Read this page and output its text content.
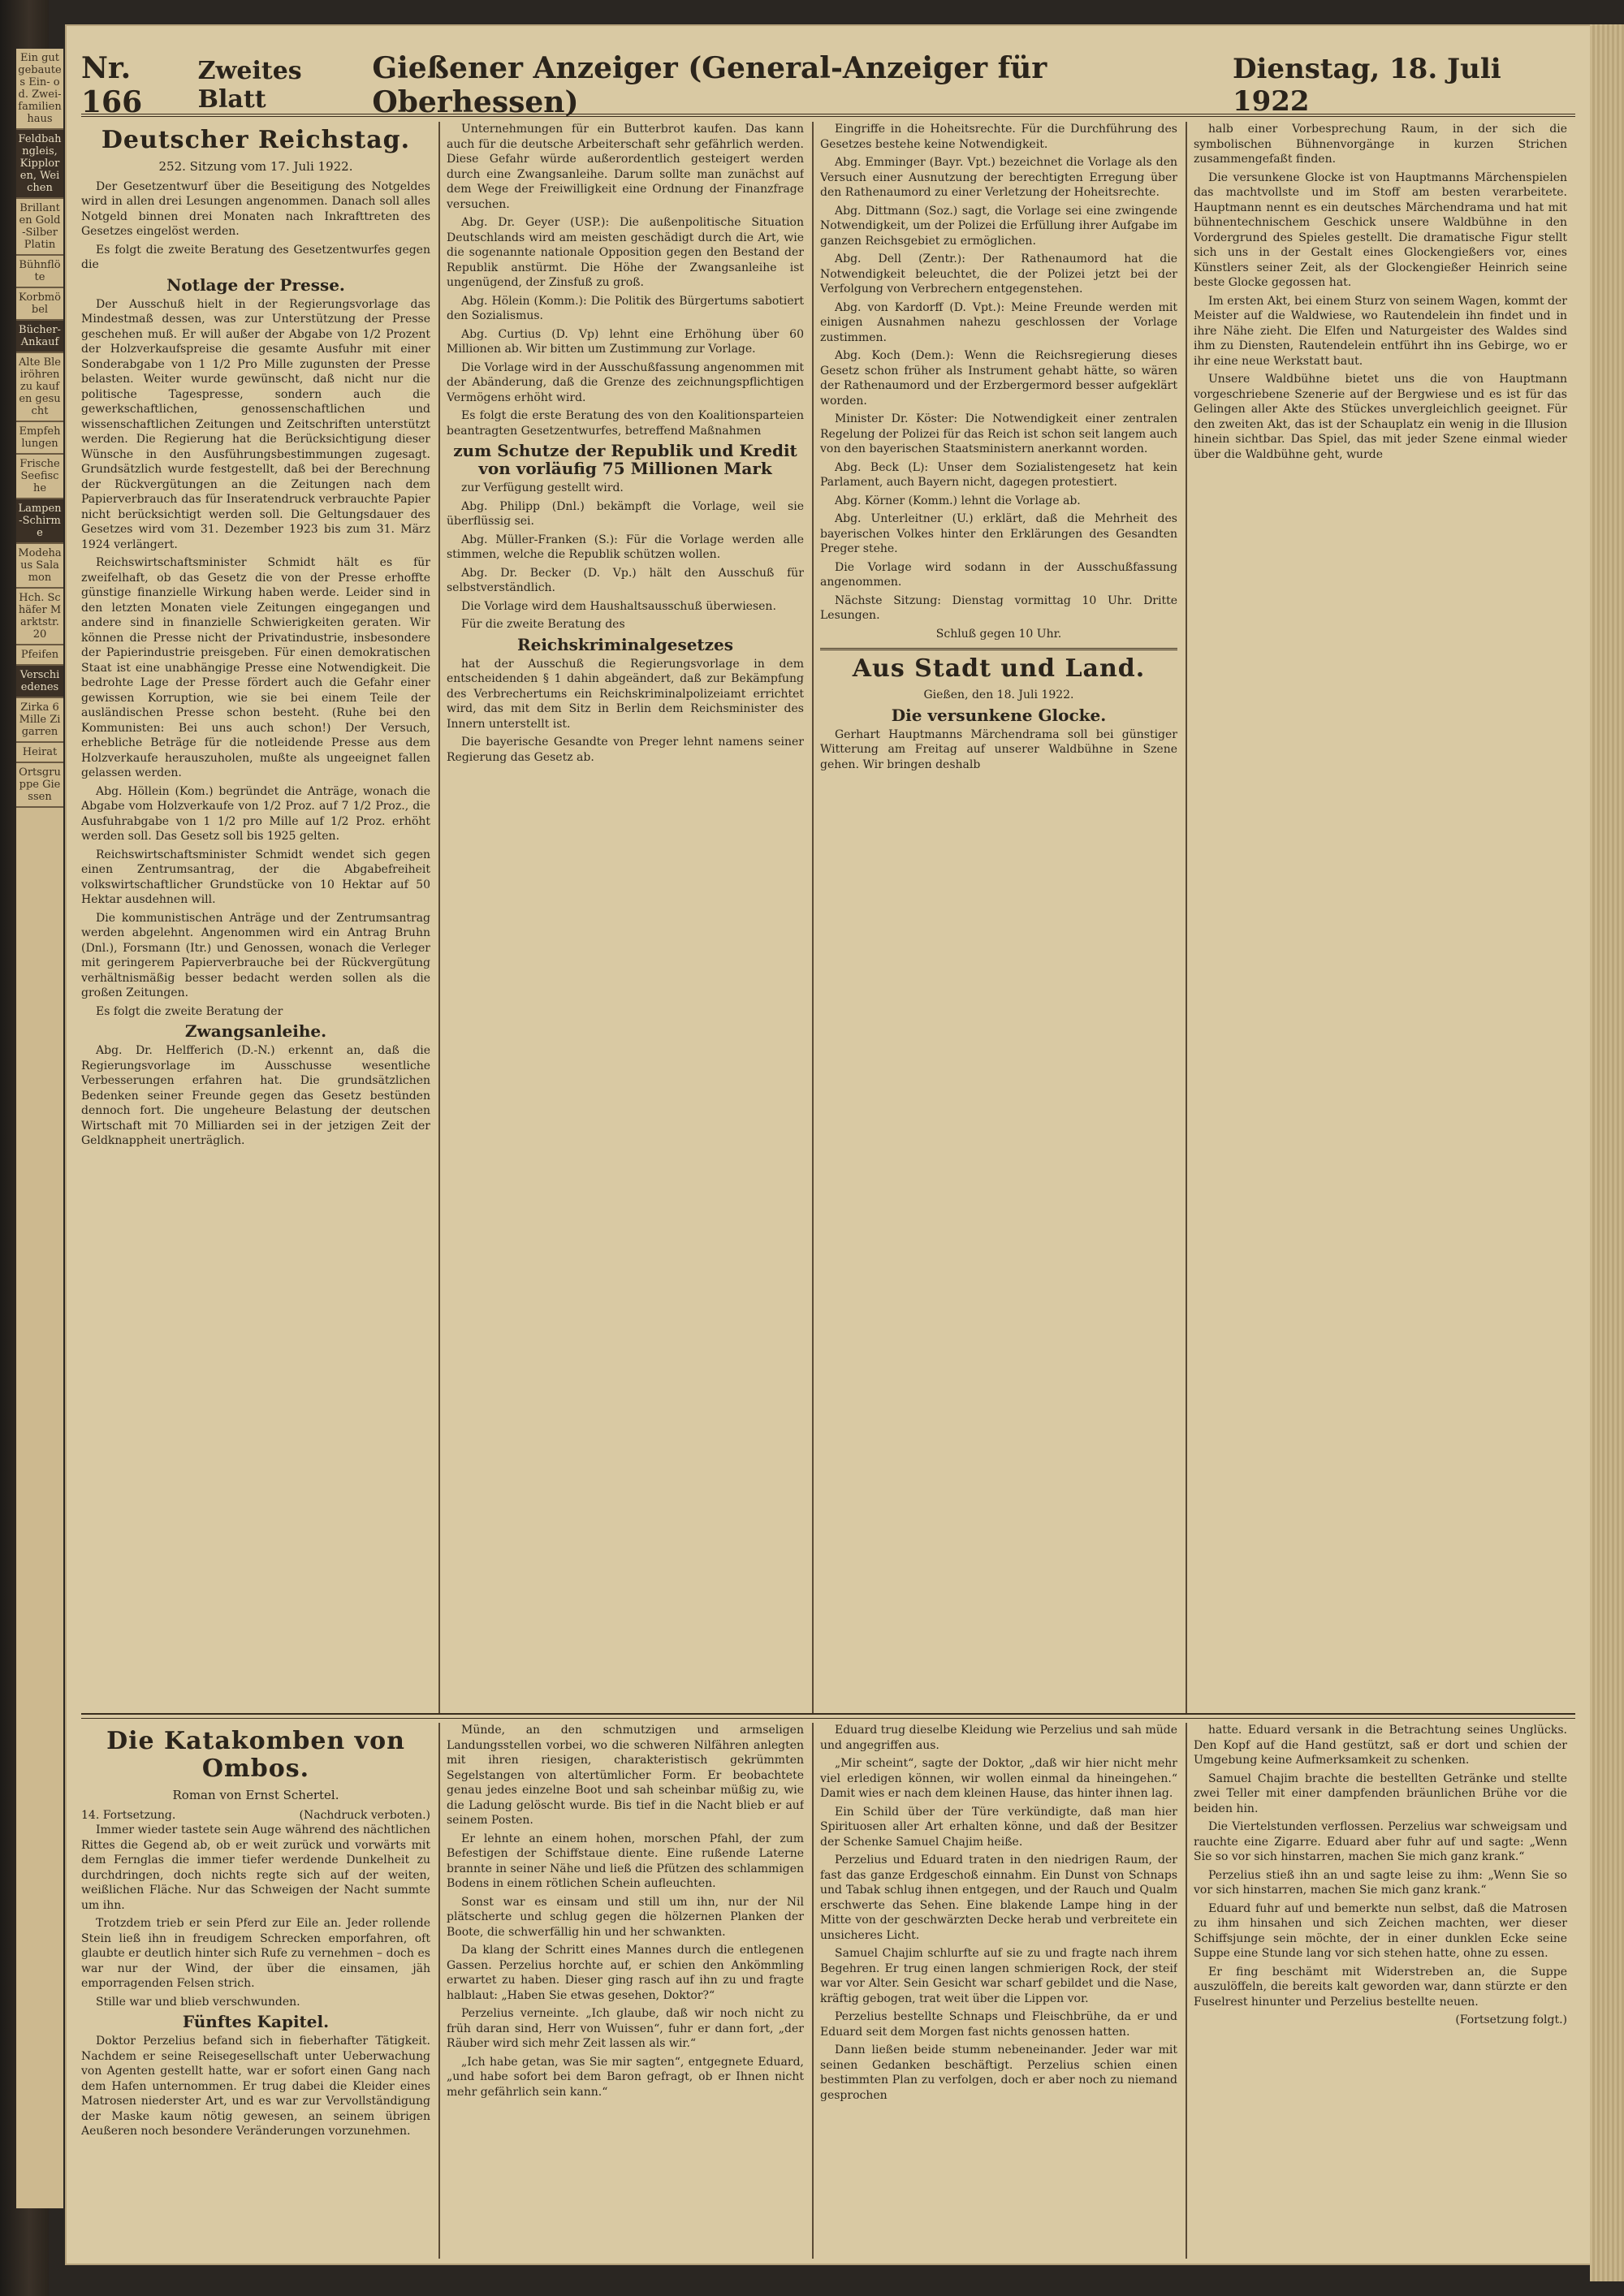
Ein gutgebautes Ein- od. Zwei-familienhaus
Feldbahngleis, Kipploren, Weichen
Brillanten Gold-Silber Platin
Bühnflöte
Korbmöbel
Bücher-Ankauf
Alte Bleiröhren zu kaufen gesucht
Empfehlungen
Frische Seefische
Lampen-Schirme
Modehaus Salamon
Hch. Schäfer Marktstr. 20
Pfeifen
Verschiedenes
Zirka 6 Mille Zigarren
Heirat
Ortsgruppe Giessen
Nr. 166
Zweites Blatt
Gießener Anzeiger (General-Anzeiger für Oberhessen)
Dienstag, 18. Juli 1922
Deutscher Reichstag.
252. Sitzung vom 17. Juli 1922.

Der Gesetzentwurf über die Beseitigung des Notgeldes wird in allen drei Lesungen angenommen. Danach soll alles Notgeld binnen drei Monaten nach Inkrafttreten des Gesetzes eingelöst werden.

Es folgt die zweite Beratung des Gesetzentwurfes gegen die

Notlage der Presse.

Der Ausschuß hielt in der Regierungsvorlage das Mindestmaß dessen, was zur Unterstützung der Presse geschehen muß. Er will außer der Abgabe von 1/2 Prozent der Holzverkaufspreise die gesamte Ausfuhr mit einer Sonderabgabe von 1 1/2 Pro Mille zugunsten der Presse belasten. Weiter wurde gewünscht, daß nicht nur die politische Tagespresse, sondern auch die gewerkschaftlichen, genossenschaftlichen und wissenschaftlichen Zeitungen und Zeitschriften unterstützt werden. Die Regierung hat die Berücksichtigung dieser Wünsche in den Ausführungsbestimmungen zugesagt. Grundsätzlich wurde festgestellt, daß bei der Berechnung der Rückvergütungen an die Zeitungen nach dem Papierverbrauch das für Inseratendruck verbrauchte Papier nicht berücksichtigt werden soll. Die Geltungsdauer des Gesetzes wird vom 31. Dezember 1923 bis zum 31. März 1924 verlängert.

Reichswirtschaftsminister Schmidt hält es für zweifelhaft, ob das Gesetz die von der Presse erhoffte günstige finanzielle Wirkung haben werde. Leider sind in den letzten Monaten viele Zeitungen eingegangen und andere sind in finanzielle Schwierigkeiten geraten. Wir können die Presse nicht der Privatindustrie, insbesondere der Papierindustrie preisgeben. Für einen demokratischen Staat ist eine unabhängige Presse eine Notwendigkeit. Die bedrohte Lage der Presse fördert auch die Gefahr einer gewissen Korruption, wie sie bei einem Teile der ausländischen Presse schon besteht. (Ruhe bei den Kommunisten: Bei uns auch schon!) Der Versuch, erhebliche Beträge für die notleidende Presse aus dem Holzverkaufe herauszuholen, mußte als ungeeignet fallen gelassen werden.

Abg. Höllein (Kom.) begründet die Anträge, wonach die Abgabe vom Holzverkaufe von 1/2 Proz. auf 7 1/2 Proz., die Ausfuhrabgabe von 1 1/2 pro Mille auf 1/2 Proz. erhöht werden soll. Das Gesetz soll bis 1925 gelten.

Reichswirtschaftsminister Schmidt wendet sich gegen einen Zentrumsantrag, der die Abgabefreiheit volkswirtschaftlicher Grundstücke von 10 Hektar auf 50 Hektar ausdehnen will.

Die kommunistischen Anträge und der Zentrumsantrag werden abgelehnt. Angenommen wird ein Antrag Bruhn (Dnl.), Forsmann (Itr.) und Genossen, wonach die Verleger mit geringerem Papierverbrauche bei der Rückvergütung verhältnismäßig besser bedacht werden sollen als die großen Zeitungen.

Es folgt die zweite Beratung der

Zwangsanleihe.

Abg. Dr. Helfferich (D.-N.) erkennt an, daß die Regierungsvorlage im Ausschusse wesentliche Verbesserungen erfahren hat. Die grundsätzlichen Bedenken seiner Freunde gegen das Gesetz bestünden dennoch fort. Die ungeheure Belastung der deutschen Wirtschaft mit 70 Milliarden sei in der jetzigen Zeit der Geldknappheit unerträglich.

Unternehmungen für ein Butterbrot kaufen. Das kann auch für die deutsche Arbeiterschaft sehr gefährlich werden. Diese Gefahr würde außerordentlich gesteigert werden durch eine Zwangsanleihe. Darum sollte man zunächst auf dem Wege der Freiwilligkeit eine Ordnung der Finanzfrage versuchen.

Abg. Dr. Geyer (USP.): Die außenpolitische Situation Deutschlands wird am meisten geschädigt durch die Art, wie die sogenannte nationale Opposition gegen den Bestand der Republik anstürmt. Die Höhe der Zwangsanleihe ist ungenügend, der Zinsfuß zu groß.

Abg. Hölein (Komm.): Die Politik des Bürgertums sabotiert den Sozialismus.

Abg. Curtius (D. Vp) lehnt eine Erhöhung über 60 Millionen ab. Wir bitten um Zustimmung zur Vorlage.

Die Vorlage wird in der Ausschußfassung angenommen mit der Abänderung, daß die Grenze des zeichnungspflichtigen Vermögens erhöht wird.

Es folgt die erste Beratung des von den Koalitionsparteien beantragten Gesetzentwurfes, betreffend Maßnahmen

zum Schutze der Republik und Kredit von vorläufig 75 Millionen Mark

zur Verfügung gestellt wird.

Abg. Philipp (Dnl.) bekämpft die Vorlage, weil sie überflüssig sei.

Abg. Müller-Franken (S.): Für die Vorlage werden alle stimmen, welche die Republik schützen wollen.

Abg. Dr. Becker (D. Vp.) hält den Ausschuß für selbstverständlich.

Die Vorlage wird dem Haushaltsausschuß überwiesen.

Für die zweite Beratung des

Reichskriminalgesetzes

hat der Ausschuß die Regierungsvorlage in dem entscheidenden § 1 dahin abgeändert, daß zur Bekämpfung des Verbrechertums ein Reichskriminalpolizeiamt errichtet wird, das mit dem Sitz in Berlin dem Reichsminister des Innern unterstellt ist.

Die bayerische Gesandte von Preger lehnt namens seiner Regierung das Gesetz ab.

Eingriffe in die Hoheitsrechte. Für die Durchführung des Gesetzes bestehe keine Notwendigkeit.

Abg. Emminger (Bayr. Vpt.) bezeichnet die Vorlage als den Versuch einer Ausnutzung der berechtigten Erregung über den Rathenaumord zu einer Verletzung der Hoheitsrechte.

Abg. Dittmann (Soz.) sagt, die Vorlage sei eine zwingende Notwendigkeit, um der Polizei die Erfüllung ihrer Aufgabe im ganzen Reichsgebiet zu ermöglichen.

Abg. Dell (Zentr.): Der Rathenaumord hat die Notwendigkeit beleuchtet, die der Polizei jetzt bei der Verfolgung von Verbrechern entgegenstehen.

Abg. von Kardorff (D. Vpt.): Meine Freunde werden mit einigen Ausnahmen nahezu geschlossen der Vorlage zustimmen.

Abg. Koch (Dem.): Wenn die Reichsregierung dieses Gesetz schon früher als Instrument gehabt hätte, so wären der Rathenaumord und der Erzbergermord besser aufgeklärt worden.

Minister Dr. Köster: Die Notwendigkeit einer zentralen Regelung der Polizei für das Reich ist schon seit langem auch von den bayerischen Staatsministern anerkannt worden.

Abg. Beck (L): Unser dem Sozialistengesetz hat kein Parlament, auch Bayern nicht, dagegen protestiert.

Abg. Körner (Komm.) lehnt die Vorlage ab.

Abg. Unterleitner (U.) erklärt, daß die Mehrheit des bayerischen Volkes hinter den Erklärungen des Gesandten Preger stehe.

Die Vorlage wird sodann in der Ausschußfassung angenommen.

Nächste Sitzung: Dienstag vormittag 10 Uhr. Dritte Lesungen.

Schluß gegen 10 Uhr.

Aus Stadt und Land.

Gießen, den 18. Juli 1922.

Die versunkene Glocke.

Gerhart Hauptmanns Märchendrama soll bei günstiger Witterung am Freitag auf unserer Waldbühne in Szene gehen. Wir bringen deshalb

halb einer Vorbesprechung Raum, in der sich die symbolischen Bühnenvorgänge in kurzen Strichen zusammengefaßt finden.

Die versunkene Glocke ist von Hauptmanns Märchenspielen das machtvollste und im Stoff am besten verarbeitete. Hauptmann nennt es ein deutsches Märchendrama und hat mit bühnentechnischem Geschick unsere Waldbühne in den Vordergrund des Spieles gestellt. Die dramatische Figur stellt sich uns in der Gestalt eines Glockengießers vor, eines Künstlers seiner Zeit, als der Glockengießer Heinrich seine beste Glocke gegossen hat.

Im ersten Akt, bei einem Sturz von seinem Wagen, kommt der Meister auf die Waldwiese, wo Rautendelein ihn findet und in ihre Nähe zieht. Die Elfen und Naturgeister des Waldes sind ihm zu Diensten, Rautendelein entführt ihn ins Gebirge, wo er ihr eine neue Werkstatt baut.

Unsere Waldbühne bietet uns die von Hauptmann vorgeschriebene Szenerie auf der Bergwiese und es ist für das Gelingen aller Akte des Stückes unvergleichlich geeignet. Für den zweiten Akt, das ist der Schauplatz ein wenig in die Illusion hinein sichtbar. Das Spiel, das mit jeder Szene einmal wieder über die Waldbühne geht, wurde

Die Katakomben von Ombos.
Roman von Ernst Schertel.
14. Fortsetzung.	(Nachdruck verboten.)

Immer wieder tastete sein Auge während des nächtlichen Rittes die Gegend ab, ob er weit zurück und vorwärts mit dem Fernglas die immer tiefer werdende Dunkelheit zu durchdringen, doch nichts regte sich auf der weiten, weißlichen Fläche. Nur das Schweigen der Nacht summte um ihn.

Trotzdem trieb er sein Pferd zur Eile an. Jeder rollende Stein ließ ihn in freudigem Schrecken emporfahren, oft glaubte er deutlich hinter sich Rufe zu vernehmen – doch es war nur der Wind, der über die einsamen, jäh emporragenden Felsen strich.

Stille war und blieb verschwunden.

Fünftes Kapitel.

Doktor Perzelius befand sich in fieberhafter Tätigkeit. Nachdem er seine Reisegesellschaft unter Ueberwachung von Agenten gestellt hatte, war er sofort einen Gang nach dem Hafen unternommen. Er trug dabei die Kleider eines Matrosen niederster Art, und es war zur Vervollständigung der Maske kaum nötig gewesen, an seinem übrigen Aeußeren noch besondere Veränderungen vorzunehmen.

Münde, an den schmutzigen und armseligen Landungsstellen vorbei, wo die schweren Nilfähren anlegten mit ihren riesigen, charakteristisch gekrümmten Segelstangen von altertümlicher Form. Er beobachtete genau jedes einzelne Boot und sah scheinbar müßig zu, wie die Ladung gelöscht wurde. Bis tief in die Nacht blieb er auf seinem Posten.

Er lehnte an einem hohen, morschen Pfahl, der zum Befestigen der Schiffstaue diente. Eine rußende Laterne brannte in seiner Nähe und ließ die Pfützen des schlammigen Bodens in einem rötlichen Schein aufleuchten.

Sonst war es einsam und still um ihn, nur der Nil plätscherte und schlug gegen die hölzernen Planken der Boote, die schwerfällig hin und her schwankten.

Da klang der Schritt eines Mannes durch die entlegenen Gassen. Perzelius horchte auf, er schien den Ankömmling erwartet zu haben. Dieser ging rasch auf ihn zu und fragte halblaut: „Haben Sie etwas gesehen, Doktor?“

Perzelius verneinte. „Ich glaube, daß wir noch nicht zu früh daran sind, Herr von Wuissen“, fuhr er dann fort, „der Räuber wird sich mehr Zeit lassen als wir.“

„Ich habe getan, was Sie mir sagten“, entgegnete Eduard, „und habe sofort bei dem Baron gefragt, ob er Ihnen nicht mehr gefährlich sein kann.“

Eduard trug dieselbe Kleidung wie Perzelius und sah müde und angegriffen aus.

„Mir scheint“, sagte der Doktor, „daß wir hier nicht mehr viel erledigen können, wir wollen einmal da hineingehen.“ Damit wies er nach dem kleinen Hause, das hinter ihnen lag.

Ein Schild über der Türe verkündigte, daß man hier Spirituosen aller Art erhalten könne, und daß der Besitzer der Schenke Samuel Chajim heiße.

Perzelius und Eduard traten in den niedrigen Raum, der fast das ganze Erdgeschoß einnahm. Ein Dunst von Schnaps und Tabak schlug ihnen entgegen, und der Rauch und Qualm erschwerte das Sehen. Eine blakende Lampe hing in der Mitte von der geschwärzten Decke herab und verbreitete ein unsicheres Licht.

Samuel Chajim schlurfte auf sie zu und fragte nach ihrem Begehren. Er trug einen langen schmierigen Rock, der steif war vor Alter. Sein Gesicht war scharf gebildet und die Nase, kräftig gebogen, trat weit über die Lippen vor.

Perzelius bestellte Schnaps und Fleischbrühe, da er und Eduard seit dem Morgen fast nichts genossen hatten.

Dann ließen beide stumm nebeneinander. Jeder war mit seinen Gedanken beschäftigt. Perzelius schien einen bestimmten Plan zu verfolgen, doch er aber noch zu niemand gesprochen

hatte. Eduard versank in die Betrachtung seines Unglücks. Den Kopf auf die Hand gestützt, saß er dort und schien der Umgebung keine Aufmerksamkeit zu schenken.

Samuel Chajim brachte die bestellten Getränke und stellte zwei Teller mit einer dampfenden bräunlichen Brühe vor die beiden hin.

Die Viertelstunden verflossen. Perzelius war schweigsam und rauchte eine Zigarre. Eduard aber fuhr auf und sagte: „Wenn Sie so vor sich hinstarren, machen Sie mich ganz krank.“

Perzelius stieß ihn an und sagte leise zu ihm: „Wenn Sie so vor sich hinstarren, machen Sie mich ganz krank.“

Eduard fuhr auf und bemerkte nun selbst, daß die Matrosen zu ihm hinsahen und sich Zeichen machten, wer dieser Schiffsjunge sein möchte, der in einer dunklen Ecke seine Suppe eine Stunde lang vor sich stehen hatte, ohne zu essen.

Er fing beschämt mit Widerstreben an, die Suppe auszulöffeln, die bereits kalt geworden war, dann stürzte er den Fuselrest hinunter und Perzelius bestellte neuen.

(Fortsetzung folgt.)
